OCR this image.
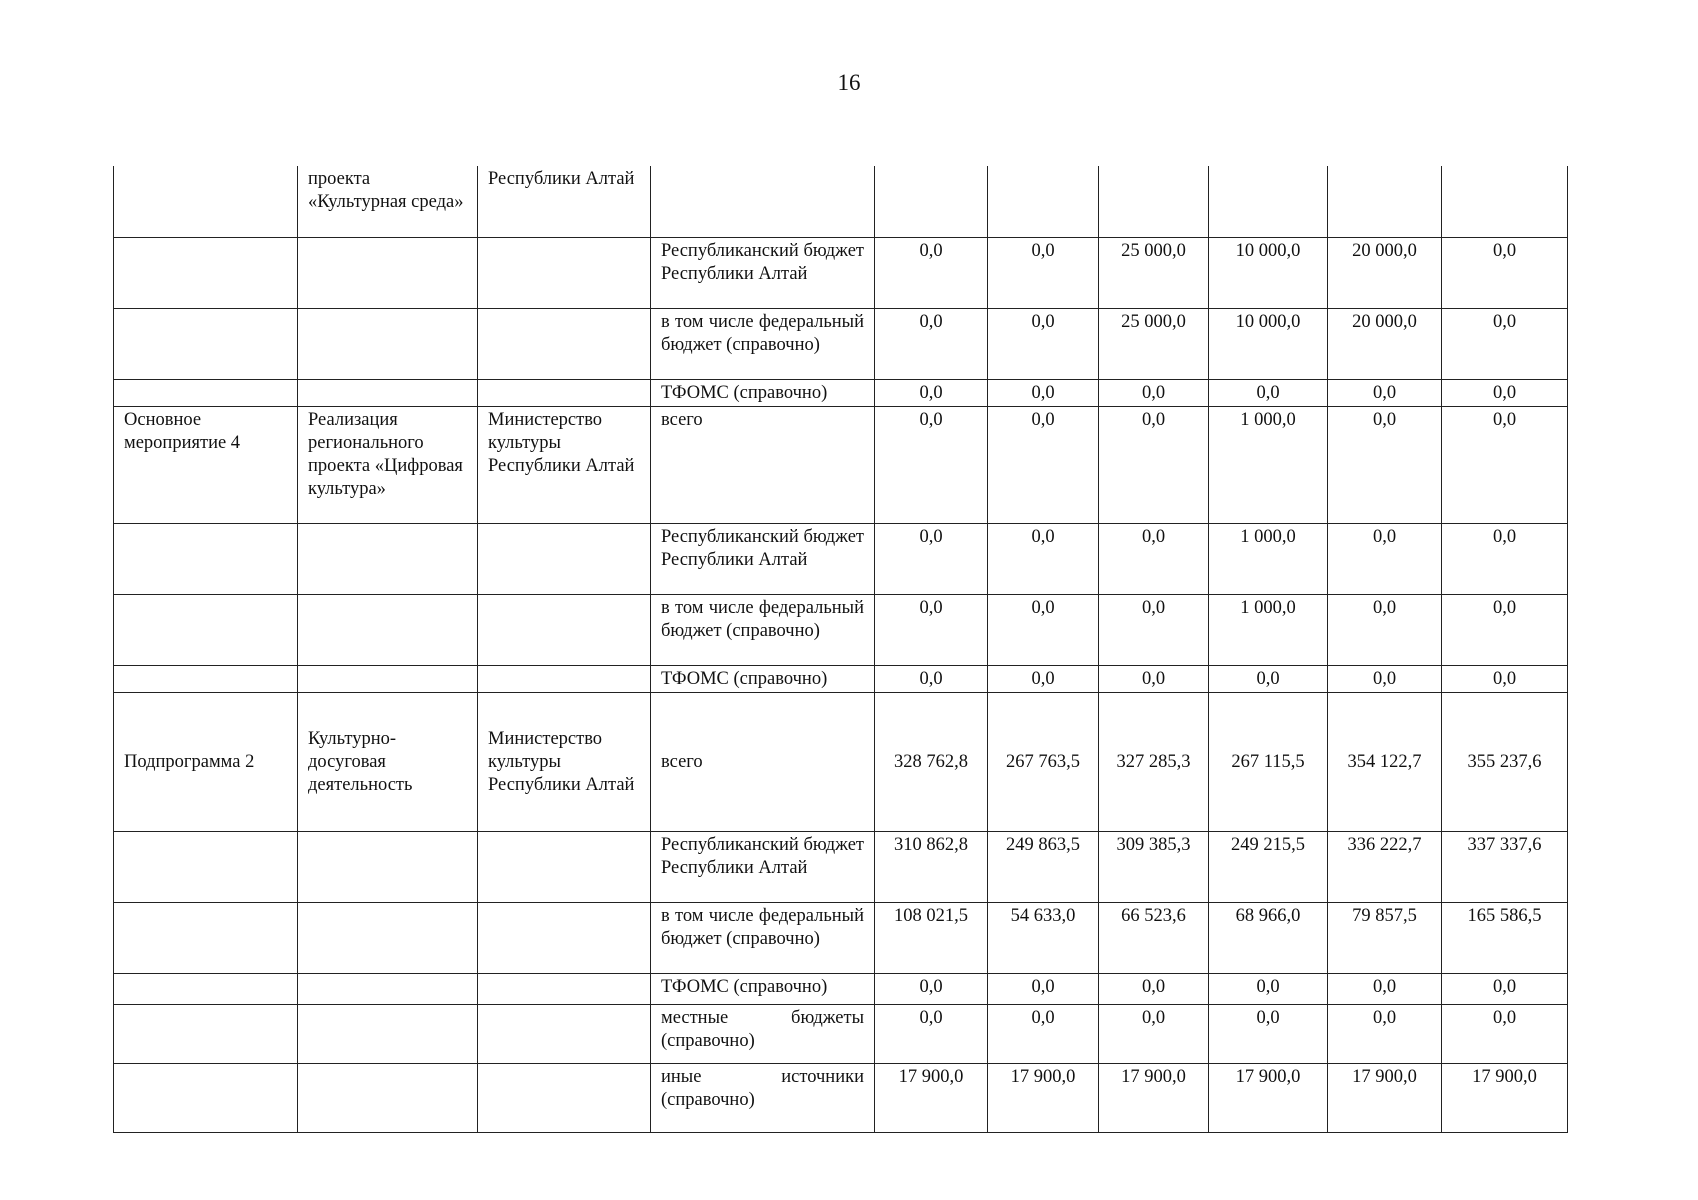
16
	проекта «Культурная среда»	Республики Алтай							
			Республиканский бюджет Республики Алтай	0,0	0,0	25 000,0	10 000,0	20 000,0	0,0
			в том числе федеральный бюджет (справочно)	0,0	0,0	25 000,0	10 000,0	20 000,0	0,0
			ТФОМС (справочно)	0,0	0,0	0,0	0,0	0,0	0,0
Основное мероприятие 4	Реализация регионального проекта «Цифровая культура»	Министерство культуры Республики Алтай	всего	0,0	0,0	0,0	1 000,0	0,0	0,0
			Республиканский бюджет Республики Алтай	0,0	0,0	0,0	1 000,0	0,0	0,0
			в том числе федеральный бюджет (справочно)	0,0	0,0	0,0	1 000,0	0,0	0,0
			ТФОМС (справочно)	0,0	0,0	0,0	0,0	0,0	0,0
Подпрограмма 2	Культурно-досуговая деятельность	Министерство культуры Республики Алтай	всего	328 762,8	267 763,5	327 285,3	267 115,5	354 122,7	355 237,6
			Республиканский бюджет Республики Алтай	310 862,8	249 863,5	309 385,3	249 215,5	336 222,7	337 337,6
			в том числе федеральный бюджет (справочно)	108 021,5	54 633,0	66 523,6	68 966,0	79 857,5	165 586,5
			ТФОМС (справочно)	0,0	0,0	0,0	0,0	0,0	0,0
			местные бюджеты (справочно)	0,0	0,0	0,0	0,0	0,0	0,0
			иные источники (справочно)	17 900,0	17 900,0	17 900,0	17 900,0	17 900,0	17 900,0
